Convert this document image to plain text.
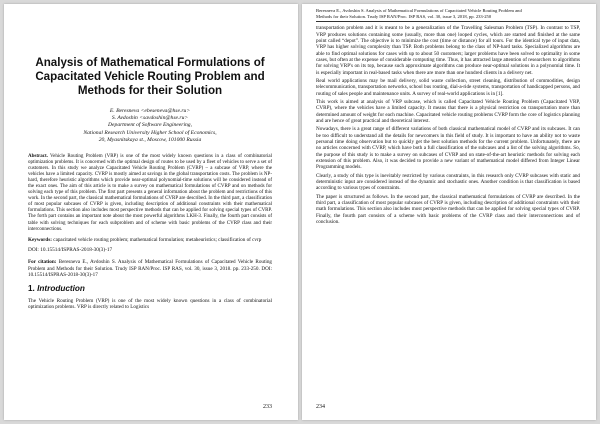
Analysis of Mathematical Formulations of Capacitated Vehicle Routing Problem and Methods for their Solution
E. Beresneva <ebeseneva@hse.ru>
S. Avdoshin <savdoshin@hse.ru>
Department of Software Engineering,
National Research University Higher School of Economics,
20, Myasnitskaya st., Moscow, 101000 Russia

Abstract. Vehicle Routing Problem (VRP) is one of the most widely known questions in a class of combinatorial optimization problems. It is concerned with the optimal design of routes to be used by a fleet of vehicles to serve a set of customers. In this study we analyze Capacitated Vehicle Routing Problem (CVRP) – a subcase of VRP, where the vehicles have a limited capacity. CVRP is mostly aimed at savings in the global transportation costs. The problem is NP-hard, therefore heuristic algorithms which provide near-optimal polynomial-time solutions will be considered instead of the exact ones. The aim of this article is to make a survey on mathematical formulations of CVRP and on methods for solving each type of this problem. The first part presents a general information about the problem and restrictions of this work. In the second part, the classical mathematical formulations of CVRP are described. In the third part, a classification of most popular subcases of CVRP is given, including description of additional constraints with their mathematical formulations. This section also includes most perspective methods that can be applied for solving special types of CVRP. The forth part contains an important note about the most powerful algorithms LKH-3. Finally, the fourth part consists of table with solving techniques for each subproblem and of scheme with basic problems of the CVRP class and their interconnections.

Keywords: capacitated vehicle routing problem; mathematical formulation; metaheuristics; classification of cvrp

DOI: 10.15514/ISPRAS-2018-30(3)-17

For citation: Beresneva E., Avdoshin S. Analysis of Mathematical Formulations of Capacitated Vehicle Routing Problem and Methods for their Solution. Trudy ISP RAN/Proc. ISP RAS, vol. 30, issue 3, 2018. pp. 233-250. DOI: 10.15514/ISPRAS-2018-30(3)-17

1. Introduction

The Vehicle Routing Problem (VRP) is one of the most widely known questions in a class of combinatorial optimization problems. VRP is directly related to Logistics

233
Beresneva E., Avdoshin S. Analysis of Mathematical Formulations of Capacitated Vehicle Routing Problem and
Methods for their Solution. Trudy ISP RAN/Proc. ISP RAS, vol. 30, issue 3, 2018, pp. 233-250

transportation problem and it is meant to be a generalization of the Travelling Salesman Problem (TSP). In contrast to TSP, VRP produces solutions containing some (usually, more than one) looped cycles, which are started and finished at the same point called “depot”. The objective is to minimize the cost (time or distance) for all tours. For the identical type of input data, VRP has higher solving complexity than TSP. Both problems belong to the class of NP-hard tasks. Specialized algorithms are able to find optimal solutions for cases with up to about 50 customers; larger problems have been solved to optimality in some cases, but often at the expense of considerable computing time. Thus, it has attracted large attention of researchers to algorithms for solving VRP's on its top, because such approximate algorithms can produce near-optimal solutions in a polynomial time. It is especially important in real-based tasks when there are more than one hundred clients in a delivery net.

Real world applications may be mail delivery, solid waste collection, street cleaning, distribution of commodities, design telecommunication, transportation networks, school bus routing, dial-a-ride systems, transportation of handicapped persons, and routing of sales people and maintenance units. A survey of real-world applications is in [1].

This work is aimed at analysis of VRP subcase, which is called Capacitated Vehicle Routing Problem (Capacitated VRP, CVRP), where the vehicles have a limited capacity. It means that there is a physical restriction on transportation more than determined amount of weight for each machine. Capacitated vehicle routing problems CVRP form the core of logistics planning and are hence of great practical and theoretical interest.

Nowadays, there is a great range of different variations of both classical mathematical model of CVRP and its subcases. It can be too difficult to understand all the details for newcomers in this field of study. It is important to have an ability not to waste personal time doing observation but to quickly get the best solution methods for the current problem. Unfortunately, there are no articles concerned with CVRP, which have both a full classification of the subcases and a list of the solving algorithms. So, the purpose of this study is to make a survey on subcases of CVRP and on state-of-the-art heuristic methods for solving each extension of this problem. Also, it was decided to provide a new variant of mathematical model differed from Integer Linear Programming models.

Clearly, a study of this type is inevitably restricted by various constraints, in this research only CVRP subcases with static and deterministic input are considered instead of the dynamic and stochastic ones. Another condition is that classification is based according to various types of constraints.

The paper is structured as follows. In the second part, the classical mathematical formulations of CVRP are described. In the third part, a classification of most popular subcases of CVRP is given, including description of additional constraints with their math formulations. This section also includes most perspective methods that can be applied for solving special types of CVRP. Finally, the fourth part consists of a scheme with basic problems of the CVRP class and their interconnections and of conclusion.

234
